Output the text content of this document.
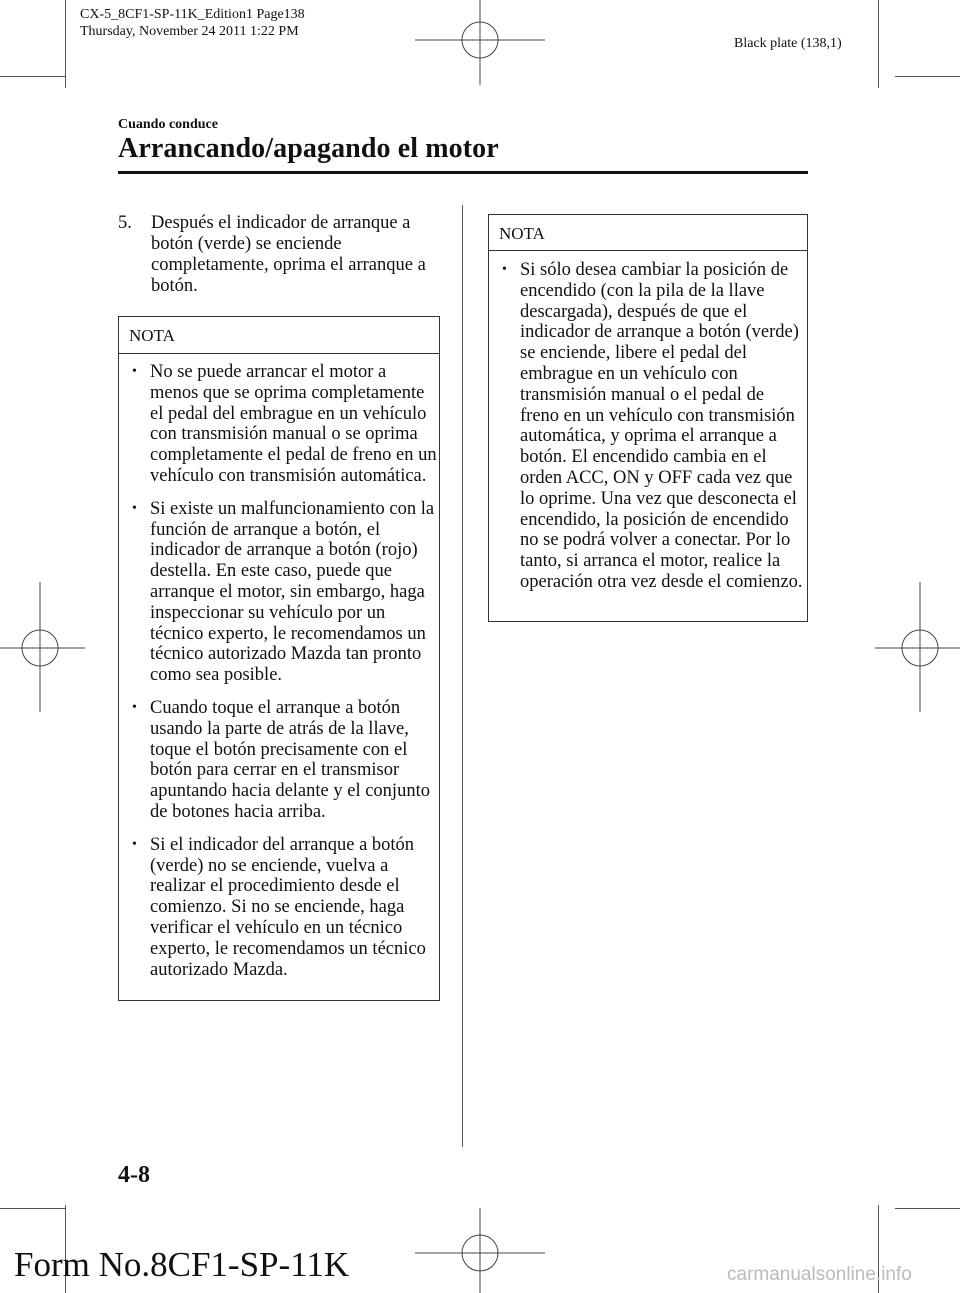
CX-5_8CF1-SP-11K_Edition1 Page138
Thursday, November 24 2011 1:22 PM
Black plate (138,1)
Cuando conduce
Arrancando/apagando el motor
5. Después el indicador de arranque a botón (verde) se enciende completamente, oprima el arranque a botón.
NOTA
• No se puede arrancar el motor a menos que se oprima completamente el pedal del embrague en un vehículo con transmisión manual o se oprima completamente el pedal de freno en un vehículo con transmisión automática.
• Si existe un malfuncionamiento con la función de arranque a botón, el indicador de arranque a botón (rojo) destella. En este caso, puede que arranque el motor, sin embargo, haga inspeccionar su vehículo por un técnico experto, le recomendamos un técnico autorizado Mazda tan pronto como sea posible.
• Cuando toque el arranque a botón usando la parte de atrás de la llave, toque el botón precisamente con el botón para cerrar en el transmisor apuntando hacia delante y el conjunto de botones hacia arriba.
• Si el indicador del arranque a botón (verde) no se enciende, vuelva a realizar el procedimiento desde el comienzo. Si no se enciende, haga verificar el vehículo en un técnico experto, le recomendamos un técnico autorizado Mazda.
NOTA
• Si sólo desea cambiar la posición de encendido (con la pila de la llave descargada), después de que el indicador de arranque a botón (verde) se enciende, libere el pedal del embrague en un vehículo con transmisión manual o el pedal de freno en un vehículo con transmisión automática, y oprima el arranque a botón. El encendido cambia en el orden ACC, ON y OFF cada vez que lo oprime. Una vez que desconecta el encendido, la posición de encendido no se podrá volver a conectar. Por lo tanto, si arranca el motor, realice la operación otra vez desde el comienzo.
4-8
Form No.8CF1-SP-11K	carmanualsonline.info
